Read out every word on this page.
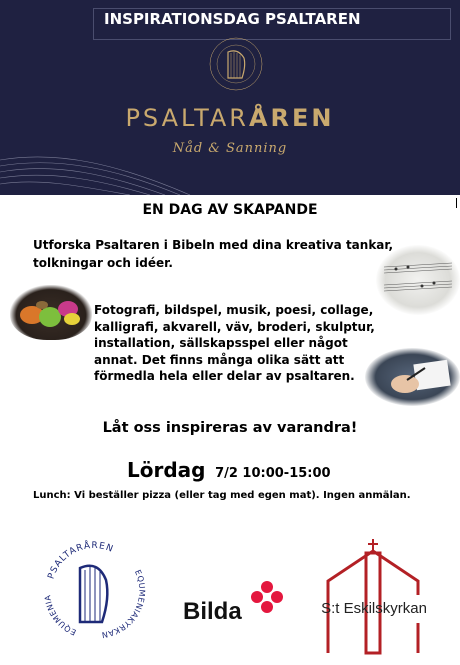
INSPIRATIONSDAG PSALTAREN
PSALTARÅREN
Nåd & Sanning
EN DAG AV SKAPANDE
Utforska Psaltaren i Bibeln med dina kreativa tankar, tolkningar och idéer.
Fotografi, bildspel, musik, poesi, collage, kalligrafi, akvarell, väv, broderi, skulptur, installation, sällskapsspel eller något annat. Det finns många olika sätt att förmedla hela eller delar av psaltaren.
Låt oss inspireras av varandra!
Lördag 7/2 10:00-15:00
Lunch: Vi beställer pizza (eller tag med egen mat). Ingen anmälan.
PSALTARÅREN
EQUMENIAKYRKAN
EQUMENIA
Bilda	S:t Eskilskyrkan
